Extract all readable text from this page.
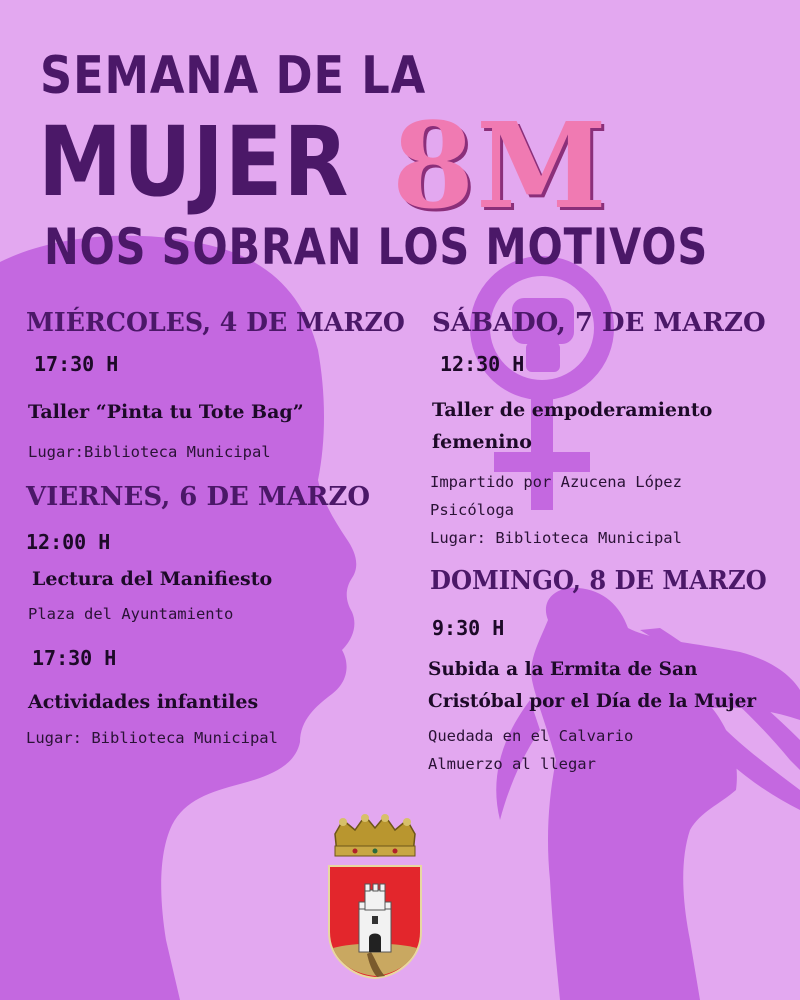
SEMANA DE LA
MUJER 8M
NOS SOBRAN LOS MOTIVOS
MIÉRCOLES, 4 DE MARZO
17:30 H
Taller “Pinta tu Tote Bag”
Lugar:Biblioteca Municipal
VIERNES, 6 DE MARZO
12:00 H
Lectura del Manifiesto
Plaza del Ayuntamiento
17:30 H
Actividades infantiles
Lugar: Biblioteca Municipal
SÁBADO, 7 DE MARZO
12:30 H
Taller de empoderamiento femenino
Impartido por Azucena López
Psicóloga
Lugar: Biblioteca Municipal
DOMINGO, 8 DE MARZO
9:30 H
Subida a la Ermita de San Cristóbal por el Día de la Mujer
Quedada en el Calvario
Almuerzo al llegar
